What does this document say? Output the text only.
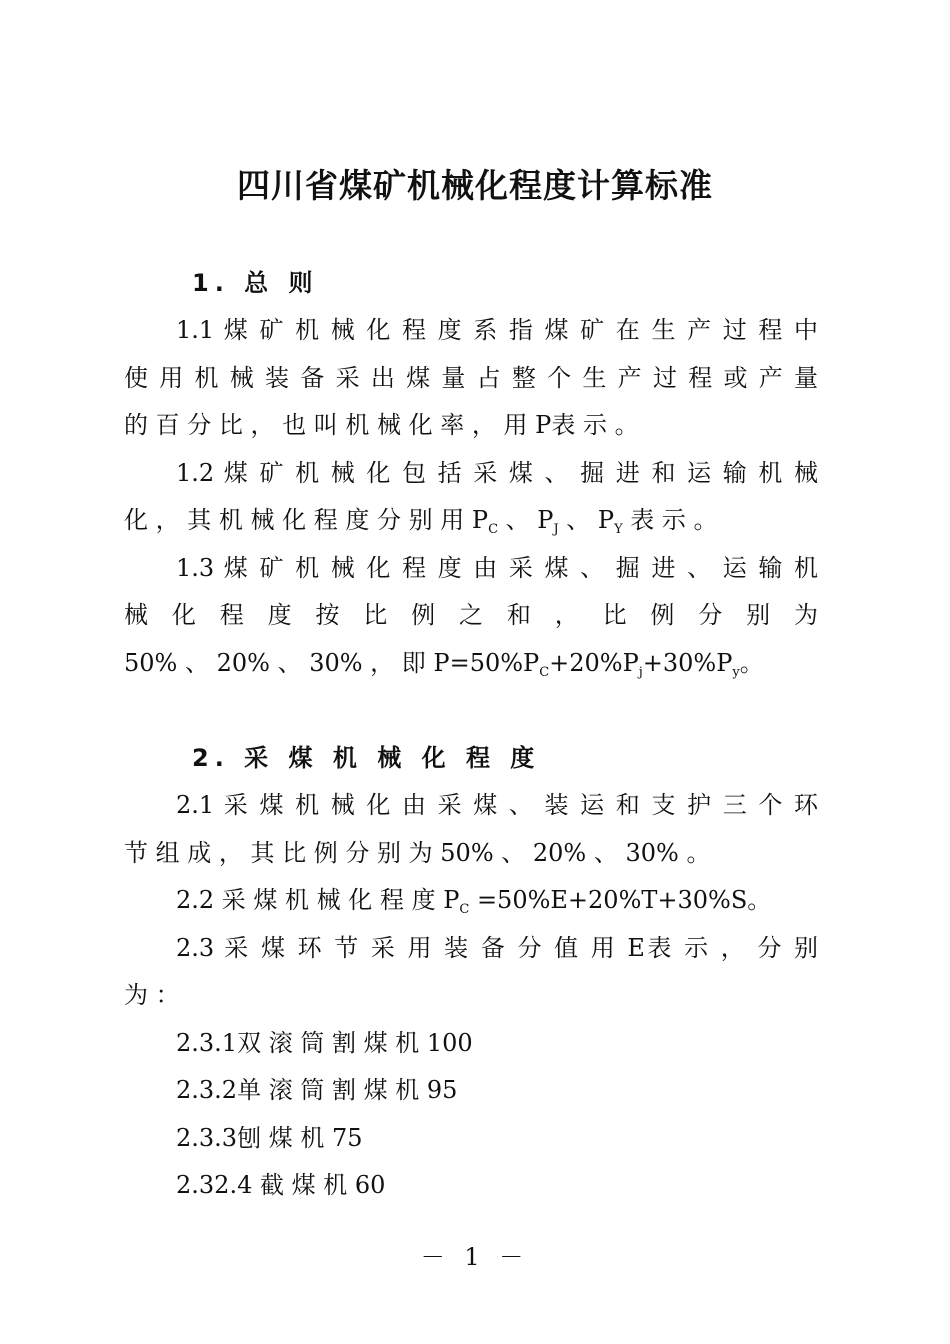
四川省煤矿机械化程度计算标准
1. 总 则
1.1 煤 矿 机 械 化 程 度 系 指 煤 矿 在 生 产 过 程 中
使 用 机 械 装 备 采 出 煤 量 占 整 个 生 产 过 程 或 产 量
的 百 分 比 ， 也 叫 机 械 化 率 ， 用 P表 示 。
1.2 煤 矿 机 械 化 包 括 采 煤 、 掘 进 和 运 输 机 械
化 ， 其 机 械 化 程 度 分 别 用 $P_C$ 、 $P_J$ 、 $P_Y$ 表 示 。
1.3 煤 矿 机 械 化 程 度 由 采 煤 、 掘 进 、 运 输 机
械 化 程 度 按 比 例 之 和 ， 比 例 分 别 为
50% 、 20% 、 30% ， 即 $P=50\%P_C+20\%P_j+30\%P_y$。
2. 采 煤 机 械 化 程 度
2.1 采 煤 机 械 化 由 采 煤 、 装 运 和 支 护 三 个 环
节 组 成 ， 其 比 例 分 别 为 50% 、 20% 、 30% 。
2.2 采 煤 机 械 化 程 度 $P_C =50\%E+20\%T+30\%S$。
2.3 采 煤 环 节 采 用 装 备 分 值 用 E表 示 ， 分 别
为 ：
2.3.1双 滚 筒 割 煤 机 100
2.3.2单 滚 筒 割 煤 机 95
2.3.3刨 煤 机 75
2.32.4 截 煤 机 60
－ 1 －
